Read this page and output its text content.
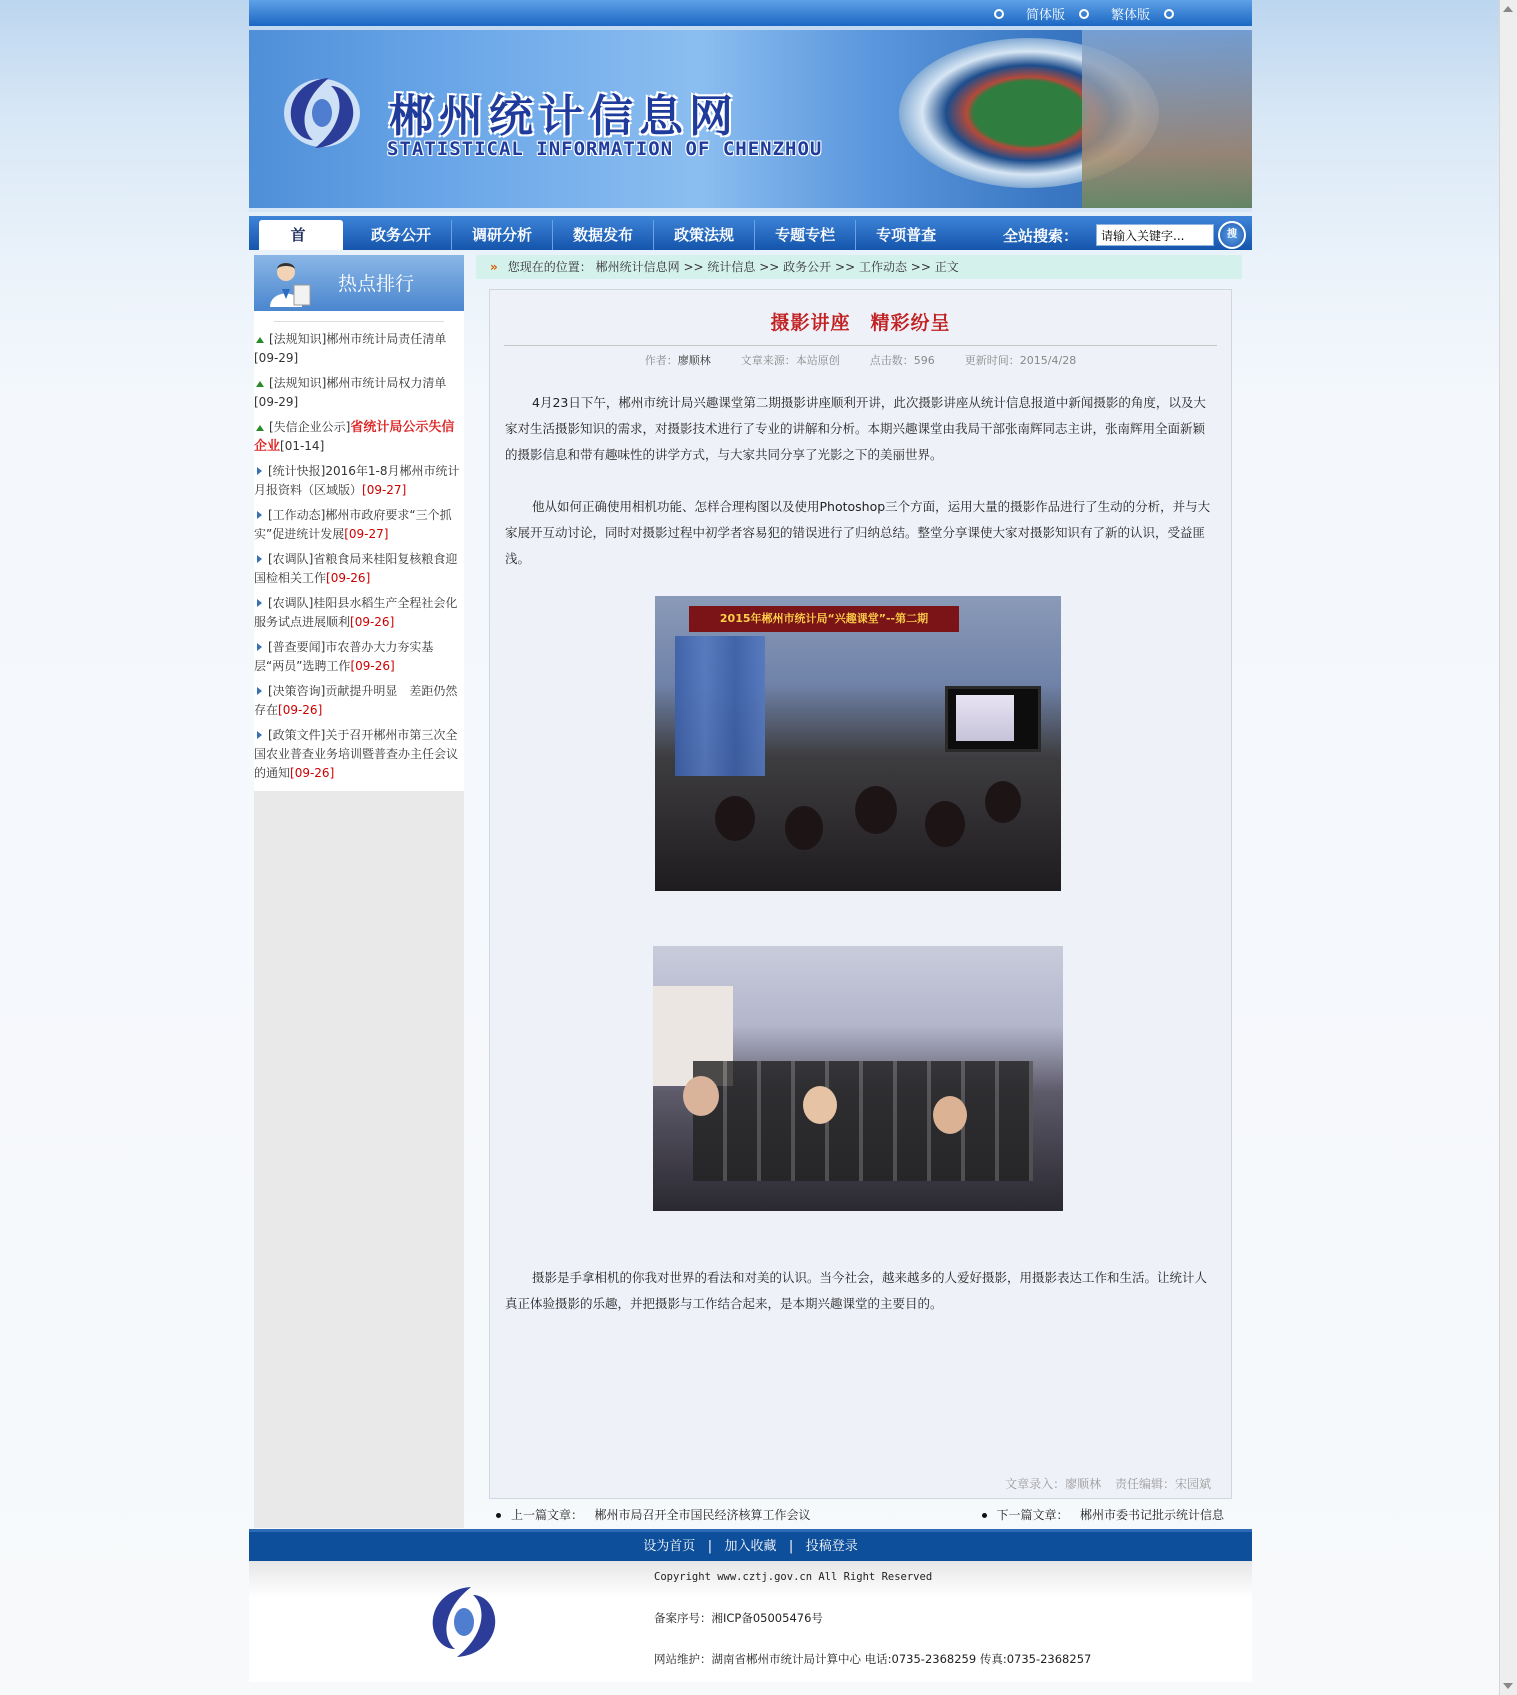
简体版	繁体版
郴州统计信息网
STATISTICAL INFORMATION OF CHENZHOU
首	政务公开	调研分析	数据发布	政策法规	专题专栏	专项普查	全站搜索：
请输入关键字...	搜
热点排行
[法规知识]郴州市统计局责任清单
[09-29]
[法规知识]郴州市统计局权力清单
[09-29]
[失信企业公示]省统计局公示失信企业[01-14]
[统计快报]2016年1-8月郴州市统计月报资料（区域版）[09-27]
[工作动态]郴州市政府要求“三个抓实”促进统计发展[09-27]
[农调队]省粮食局来桂阳复核粮食迎国检相关工作[09-26]
[农调队]桂阳县水稻生产全程社会化服务试点进展顺利[09-26]
[普查要闻]市农普办大力夯实基层“两员”选聘工作[09-26]
[决策咨询]贡献提升明显　差距仍然存在[09-26]
[政策文件]关于召开郴州市第三次全国农业普查业务培训暨普查办主任会议的通知[09-26]
» 您现在的位置： 郴州统计信息网 >> 统计信息 >> 政务公开 >> 工作动态 >> 正文
摄影讲座　精彩纷呈
作者：廖顺林	文章来源：本站原创	点击数：596	更新时间：2015/4/28

4月23日下午，郴州市统计局兴趣课堂第二期摄影讲座顺利开讲，此次摄影讲座从统计信息报道中新闻摄影的角度，以及大家对生活摄影知识的需求，对摄影技术进行了专业的讲解和分析。本期兴趣课堂由我局干部张南辉同志主讲，张南辉用全面新颖的摄影信息和带有趣味性的讲学方式，与大家共同分享了光影之下的美丽世界。

他从如何正确使用相机功能、怎样合理构图以及使用Photoshop三个方面，运用大量的摄影作品进行了生动的分析，并与大家展开互动讨论，同时对摄影过程中初学者容易犯的错误进行了归纳总结。整堂分享课使大家对摄影知识有了新的认识，受益匪浅。

2015年郴州市统计局“兴趣课堂”--第二期

摄影是手拿相机的你我对世界的看法和对美的认识。当今社会，越来越多的人爱好摄影，用摄影表达工作和生活。让统计人真正体验摄影的乐趣，并把摄影与工作结合起来，是本期兴趣课堂的主要目的。

文章录入：廖顺林 责任编辑：宋园斌
上一篇文章： 郴州市局召开全市国民经济核算工作会议	下一篇文章： 郴州市委书记批示统计信息
设为首页 | 加入收藏 | 投稿登录
Copyright www.cztj.gov.cn All Right Reserved
备案序号：湘ICP备05005476号
网站维护：湖南省郴州市统计局计算中心 电话:0735-2368259 传真:0735-2368257
